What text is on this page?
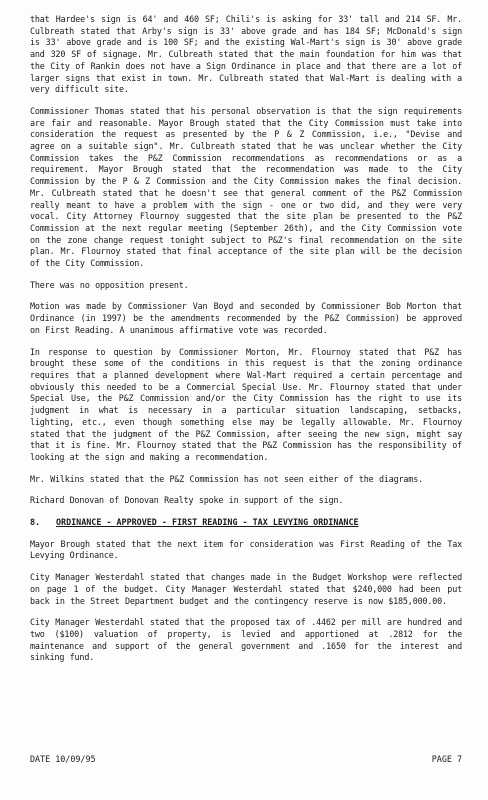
that Hardee's sign is 64' and 460 SF; Chili's is asking for 33' tall and 214 SF. Mr. Culbreath stated that Arby's sign is 33' above grade and has 184 SF; McDonald's sign is 33' above grade and is 100 SF; and the existing Wal-Mart's sign is 30' above grade and 320 SF of signage. Mr. Culbreath stated that the main foundation for him was that the City of Rankin does not have a Sign Ordinance in place and that there are a lot of larger signs that exist in town. Mr. Culbreath stated that Wal-Mart is dealing with a very difficult site.

Commissioner Thomas stated that his personal observation is that the sign requirements are fair and reasonable. Mayor Brough stated that the City Commission must take into consideration the request as presented by the P & Z Commission, i.e., "Devise and agree on a suitable sign". Mr. Culbreath stated that he was unclear whether the City Commission takes the P&Z Commission recommendations as recommendations or as a requirement. Mayor Brough stated that the recommendation was made to the City Commission by the P & Z Commission and the City Commission makes the final decision. Mr. Culbreath stated that he doesn't see that general comment of the P&Z Commission really meant to have a problem with the sign - one or two did, and they were very vocal. City Attorney Flournoy suggested that the site plan be presented to the P&Z Commission at the next regular meeting (September 26th), and the City Commission vote on the zone change request tonight subject to P&Z's final recommendation on the site plan. Mr. Flournoy stated that final acceptance of the site plan will be the decision of the City Commission.

There was no opposition present.

Motion was made by Commissioner Van Boyd and seconded by Commissioner Bob Morton that Ordinance (in 1997) be the amendments recommended by the P&Z Commission) be approved on First Reading. A unanimous affirmative vote was recorded.

In response to question by Commissioner Morton, Mr. Flournoy stated that P&Z has brought these some of the conditions in this request is that the zoning ordinance requires that a planned development where Wal-Mart required a certain percentage and obviously this needed to be a Commercial Special Use. Mr. Flournoy stated that under Special Use, the P&Z Commission and/or the City Commission has the right to use its judgment in what is necessary in a particular situation landscaping, setbacks, lighting, etc., even though something else may be legally allowable. Mr. Flournoy stated that the judgment of the P&Z Commission, after seeing the new sign, might say that it is fine. Mr. Flournoy stated that the P&Z Commission has the responsibility of looking at the sign and making a recommendation.

Mr. Wilkins stated that the P&Z Commission has not seen either of the diagrams.

Richard Donovan of Donovan Realty spoke in support of the sign.

8.	ORDINANCE - APPROVED - FIRST READING - TAX LEVYING ORDINANCE

Mayor Brough stated that the next item for consideration was First Reading of the Tax Levying Ordinance.

City Manager Westerdahl stated that changes made in the Budget Workshop were reflected on page 1 of the budget. City Manager Westerdahl stated that $240,000 had been put back in the Street Department budget and the contingency reserve is now $185,000.00.

City Manager Westerdahl stated that the proposed tax of .4462 per mill are hundred and two ($100) valuation of property, is levied and apportioned at .2812 for the maintenance and support of the general government and .1650 for the interest and sinking fund.

DATE 10/09/95	PAGE 7
